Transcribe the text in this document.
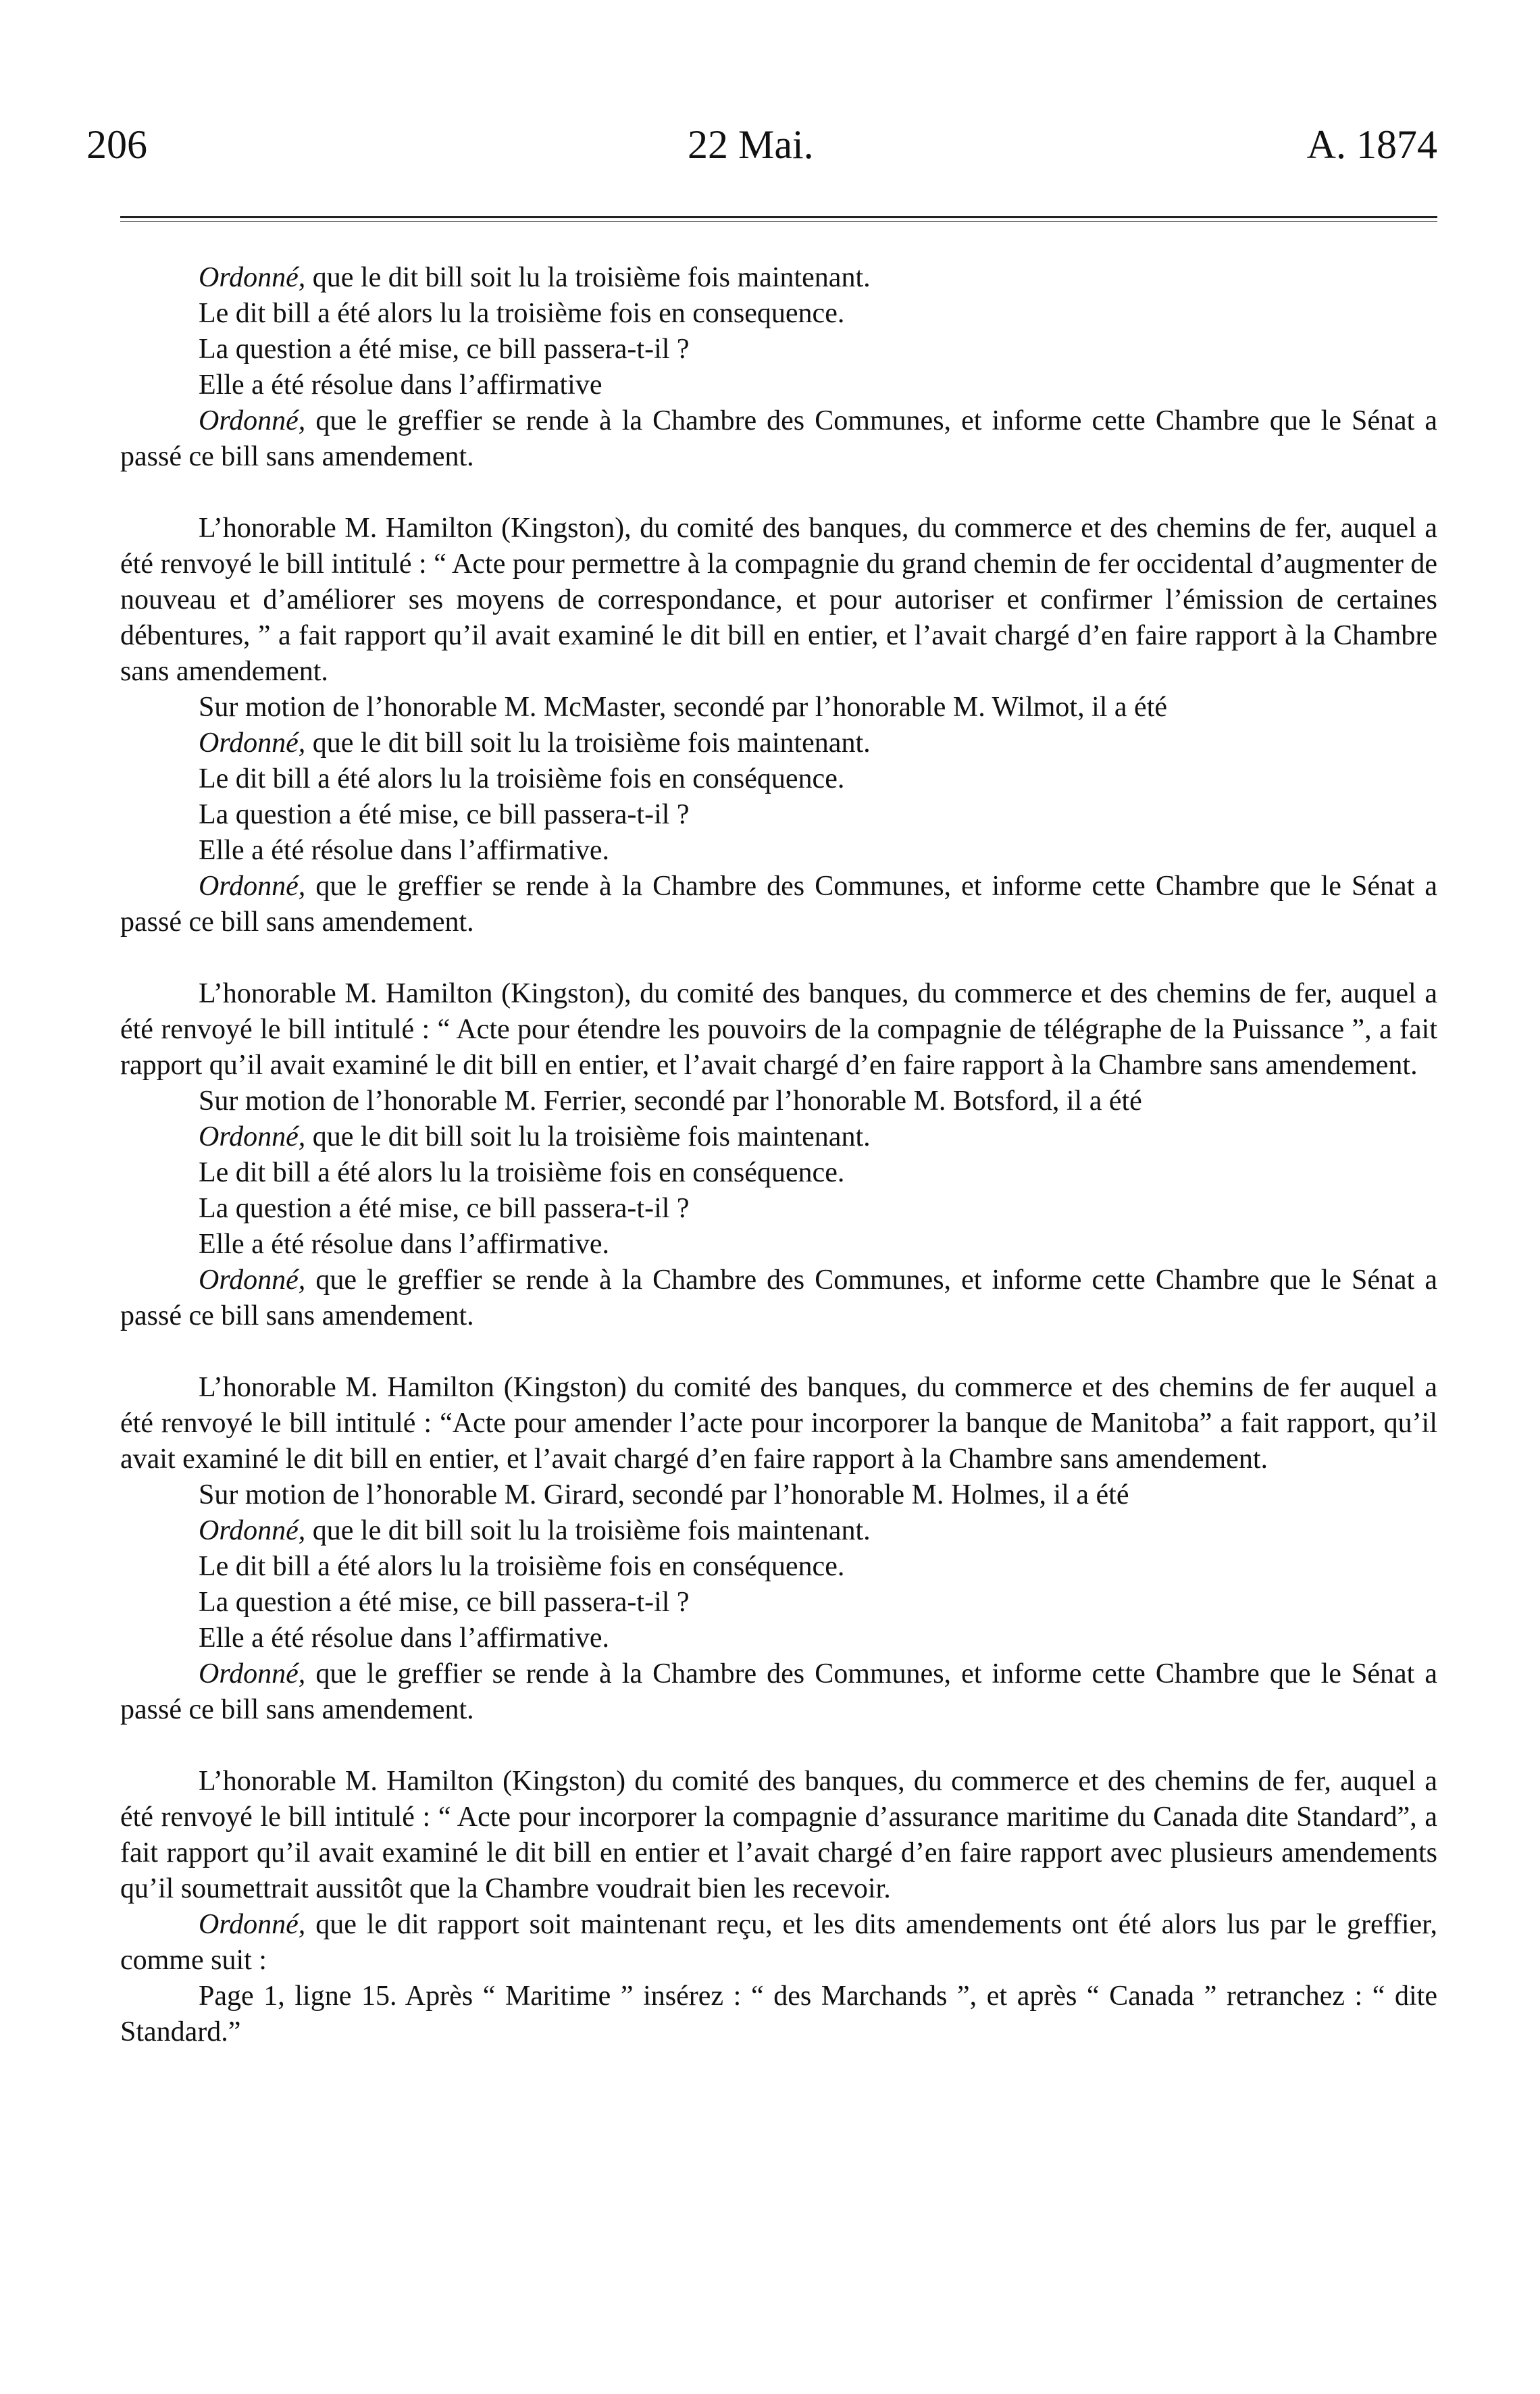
206	22 Mai.	A. 1874

Ordonné, que le dit bill soit lu la troisième fois maintenant.

Le dit bill a été alors lu la troisième fois en consequence.

La question a été mise, ce bill passera-t-il ?

Elle a été résolue dans l’affirmative

Ordonné, que le greffier se rende à la Chambre des Communes, et informe cette Chambre que le Sénat a passé ce bill sans amendement.

L’honorable M. Hamilton (Kingston), du comité des banques, du commerce et des chemins de fer, auquel a été renvoyé le bill intitulé : “ Acte pour permettre à la compagnie du grand chemin de fer occidental d’augmenter de nouveau et d’améliorer ses moyens de correspondance, et pour autoriser et confirmer l’émission de certaines débentures, ” a fait rapport qu’il avait examiné le dit bill en entier, et l’avait chargé d’en faire rapport à la Chambre sans amendement.

Sur motion de l’honorable M. McMaster, secondé par l’honorable M. Wilmot, il a été

Ordonné, que le dit bill soit lu la troisième fois maintenant.

Le dit bill a été alors lu la troisième fois en conséquence.

La question a été mise, ce bill passera-t-il ?

Elle a été résolue dans l’affirmative.

Ordonné, que le greffier se rende à la Chambre des Communes, et informe cette Chambre que le Sénat a passé ce bill sans amendement.

L’honorable M. Hamilton (Kingston), du comité des banques, du commerce et des chemins de fer, auquel a été renvoyé le bill intitulé : “ Acte pour étendre les pouvoirs de la compagnie de télégraphe de la Puissance ”, a fait rapport qu’il avait examiné le dit bill en entier, et l’avait chargé d’en faire rapport à la Chambre sans amendement.

Sur motion de l’honorable M. Ferrier, secondé par l’honorable M. Botsford, il a été

Ordonné, que le dit bill soit lu la troisième fois maintenant.

Le dit bill a été alors lu la troisième fois en conséquence.

La question a été mise, ce bill passera-t-il ?

Elle a été résolue dans l’affirmative.

Ordonné, que le greffier se rende à la Chambre des Communes, et informe cette Chambre que le Sénat a passé ce bill sans amendement.

L’honorable M. Hamilton (Kingston) du comité des banques, du commerce et des chemins de fer auquel a été renvoyé le bill intitulé : “Acte pour amender l’acte pour incorporer la banque de Manitoba” a fait rapport, qu’il avait examiné le dit bill en entier, et l’avait chargé d’en faire rapport à la Chambre sans amendement.

Sur motion de l’honorable M. Girard, secondé par l’honorable M. Holmes, il a été

Ordonné, que le dit bill soit lu la troisième fois maintenant.

Le dit bill a été alors lu la troisième fois en conséquence.

La question a été mise, ce bill passera-t-il ?

Elle a été résolue dans l’affirmative.

Ordonné, que le greffier se rende à la Chambre des Communes, et informe cette Chambre que le Sénat a passé ce bill sans amendement.

L’honorable M. Hamilton (Kingston) du comité des banques, du commerce et des chemins de fer, auquel a été renvoyé le bill intitulé : “ Acte pour incorporer la compagnie d’assurance maritime du Canada dite Standard”, a fait rapport qu’il avait examiné le dit bill en entier et l’avait chargé d’en faire rapport avec plusieurs amendements qu’il soumettrait aussitôt que la Chambre voudrait bien les recevoir.

Ordonné, que le dit rapport soit maintenant reçu, et les dits amendements ont été alors lus par le greffier, comme suit :

Page 1, ligne 15. Après “ Maritime ” insérez : “ des Marchands ”, et après “ Canada ” retranchez : “ dite Standard.”
